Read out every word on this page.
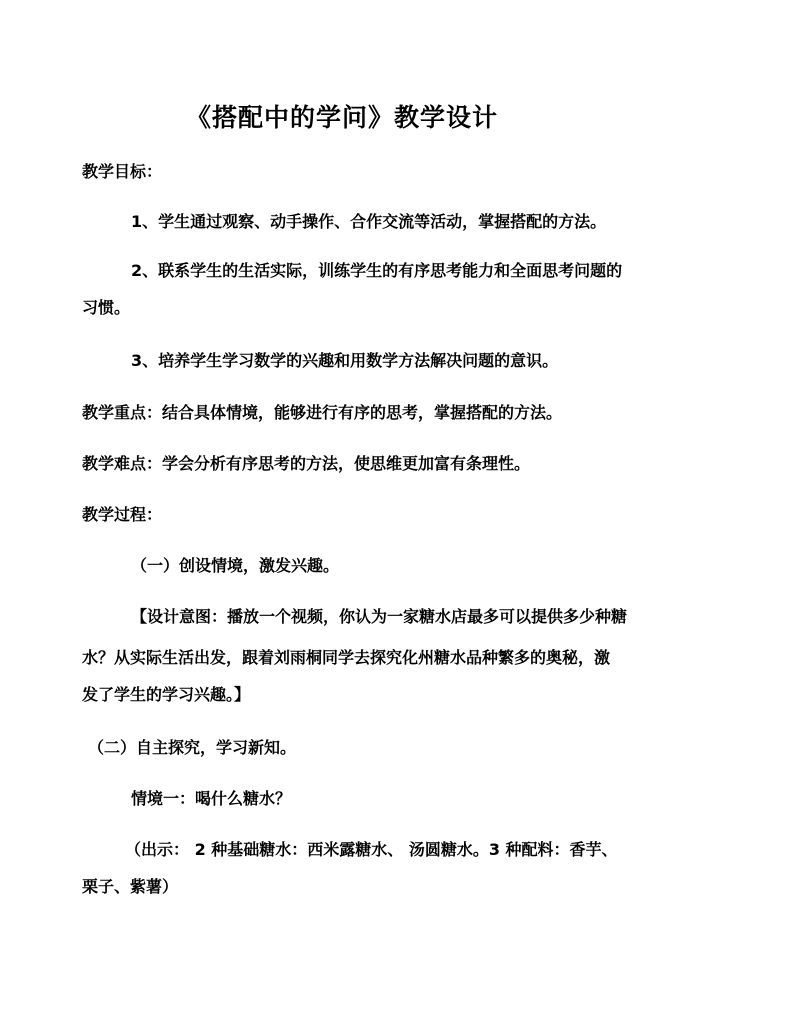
《搭配中的学问》教学设计
教学目标：
1、学生通过观察、动手操作、合作交流等活动，掌握搭配的方法。
2、联系学生的生活实际，训练学生的有序思考能力和全面思考问题的
习惯。
3、培养学生学习数学的兴趣和用数学方法解决问题的意识。
教学重点：结合具体情境，能够进行有序的思考，掌握搭配的方法。
教学难点：学会分析有序思考的方法，使思维更加富有条理性。
教学过程：
（一）创设情境，激发兴趣。
【设计意图：播放一个视频，你认为一家糖水店最多可以提供多少种糖
水？从实际生活出发，跟着刘雨桐同学去探究化州糖水品种繁多的奥秘，激
发了学生的学习兴趣。】
（二）自主探究，学习新知。
情境一：喝什么糖水？
（出示： 2 种基础糖水：西米露糖水、 汤圆糖水。3 种配料：香芋、
栗子、紫薯）
